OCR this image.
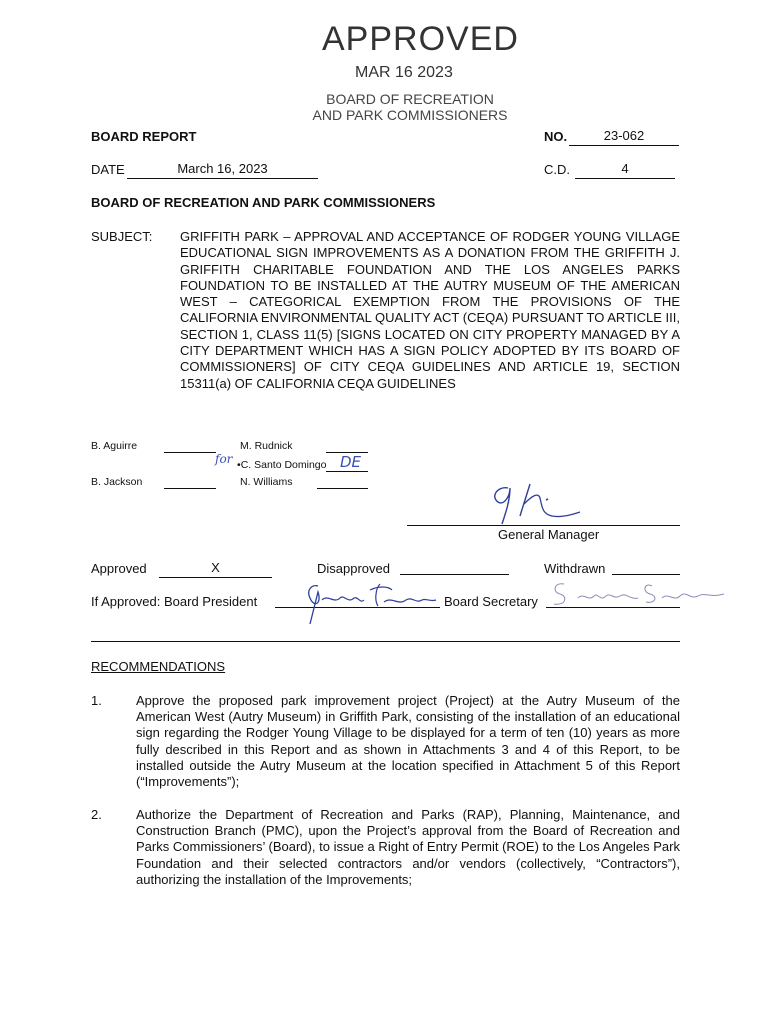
APPROVED
MAR 16 2023
BOARD OF RECREATION
AND PARK COMMISSIONERS
BOARD REPORT	NO.	23-062
DATE	March 16, 2023	C.D.	4
BOARD OF RECREATION AND PARK COMMISSIONERS
SUBJECT: GRIFFITH PARK – APPROVAL AND ACCEPTANCE OF RODGER YOUNG VILLAGE EDUCATIONAL SIGN IMPROVEMENTS AS A DONATION FROM THE GRIFFITH J. GRIFFITH CHARITABLE FOUNDATION AND THE LOS ANGELES PARKS FOUNDATION TO BE INSTALLED AT THE AUTRY MUSEUM OF THE AMERICAN WEST – CATEGORICAL EXEMPTION FROM THE PROVISIONS OF THE CALIFORNIA ENVIRONMENTAL QUALITY ACT (CEQA) PURSUANT TO ARTICLE III, SECTION 1, CLASS 11(5) [SIGNS LOCATED ON CITY PROPERTY MANAGED BY A CITY DEPARTMENT WHICH HAS A SIGN POLICY ADOPTED BY ITS BOARD OF COMMISSIONERS] OF CITY CEQA GUIDELINES AND ARTICLE 19, SECTION 15311(a) OF CALIFORNIA CEQA GUIDELINES
B. Aguirre	M. Rudnick
for •C. Santo Domingo DE
B. Jackson	N. Williams
General Manager
Approved	X	Disapproved	Withdrawn
If Approved: Board President	Board Secretary
RECOMMENDATIONS
1.	Approve the proposed park improvement project (Project) at the Autry Museum of the American West (Autry Museum) in Griffith Park, consisting of the installation of an educational sign regarding the Rodger Young Village to be displayed for a term of ten (10) years as more fully described in this Report and as shown in Attachments 3 and 4 of this Report, to be installed outside the Autry Museum at the location specified in Attachment 5 of this Report (“Improvements”);
2.	Authorize the Department of Recreation and Parks (RAP), Planning, Maintenance, and Construction Branch (PMC), upon the Project’s approval from the Board of Recreation and Parks Commissioners’ (Board), to issue a Right of Entry Permit (ROE) to the Los Angeles Park Foundation and their selected contractors and/or vendors (collectively, “Contractors”), authorizing the installation of the Improvements;
